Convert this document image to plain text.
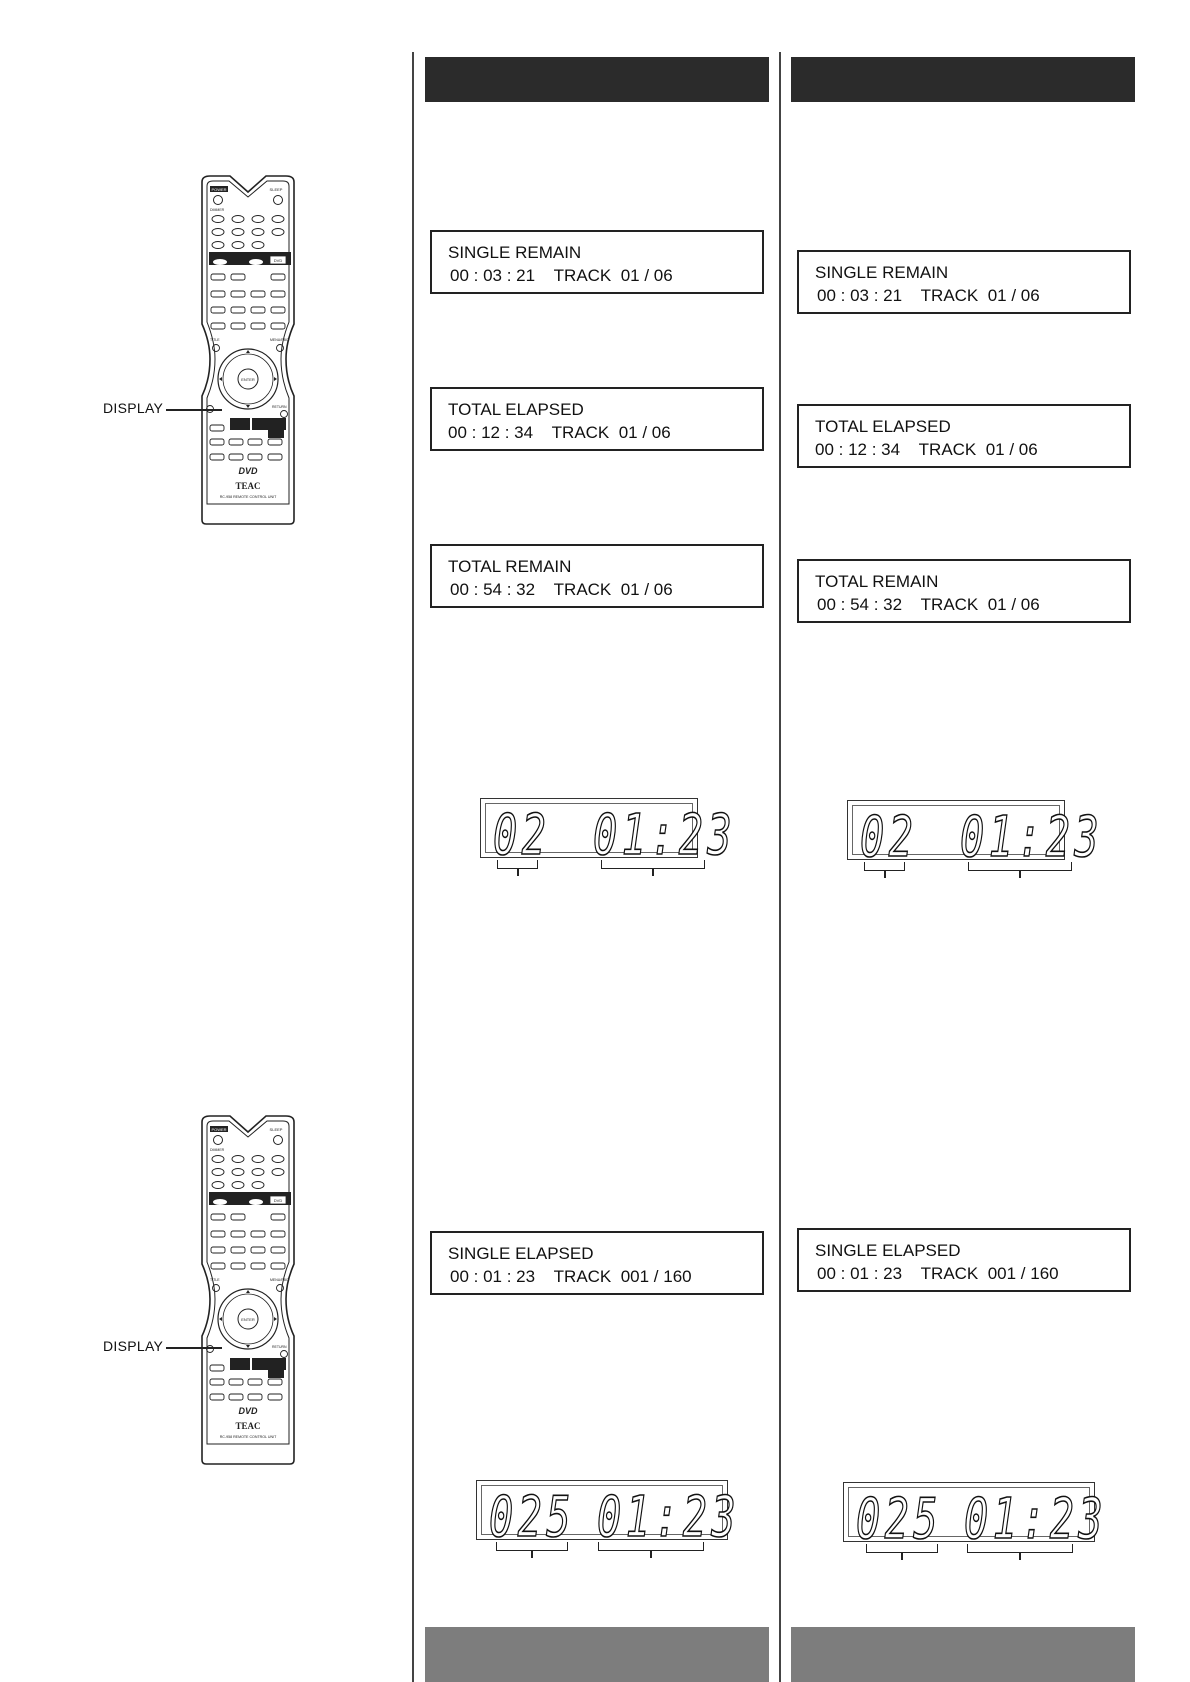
POWER	SLEEP
DIMMER
DVD
TITLE	MENU/PBC
ENTER
RETURN
DVD
TEAC
RC-958 REMOTE CONTROL UNIT
POWER	SLEEP
DIMMER
DVD
TITLE	MENU/PBC
ENTER
RETURN
DVD
TEAC
RC-958 REMOTE CONTROL UNIT
DISPLAY
DISPLAY
SINGLE REMAIN
00 : 03 : 21    TRACK  01 / 06
TOTAL ELAPSED
00 : 12 : 34    TRACK  01 / 06
TOTAL REMAIN
00 : 54 : 32    TRACK  01 / 06
SINGLE ELAPSED
00 : 01 : 23    TRACK  001 / 160
SINGLE REMAIN
00 : 03 : 21    TRACK  01 / 06
TOTAL ELAPSED
00 : 12 : 34    TRACK  01 / 06
TOTAL REMAIN
00 : 54 : 32    TRACK  01 / 06
SINGLE ELAPSED
00 : 01 : 23    TRACK  001 / 160
02 01:23 02 01:23
025 01:23 025 01:23
